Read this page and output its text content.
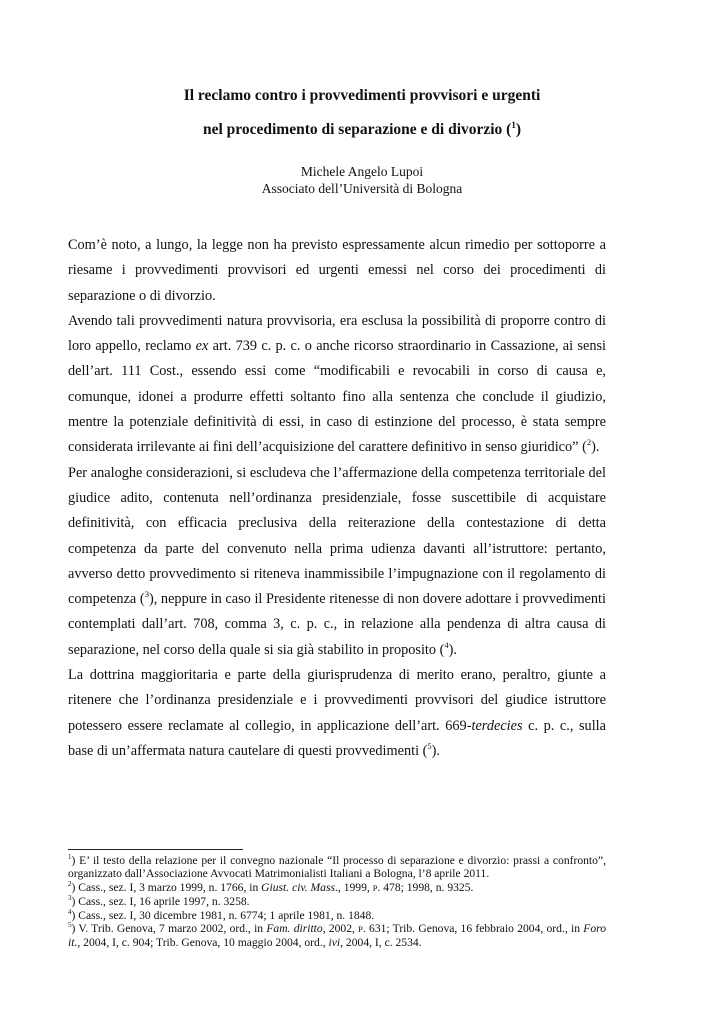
Il reclamo contro i provvedimenti provvisori e urgenti
nel procedimento di separazione e di divorzio ($^1$)
Michele Angelo Lupoi
Associato dell’Università di Bologna

Com’è noto, a lungo, la legge non ha previsto espressamente alcun rimedio per sottoporre a riesame i provvedimenti provvisori ed urgenti emessi nel corso dei procedimenti di separazione o di divorzio.

Avendo tali provvedimenti natura provvisoria, era esclusa la possibilità di proporre contro di loro appello, reclamo ex art. 739 c. p. c. o anche ricorso straordinario in Cassazione, ai sensi dell’art. 111 Cost., essendo essi come “modificabili e revocabili in corso di causa e, comunque, idonei a produrre effetti soltanto fino alla sentenza che conclude il giudizio, mentre la potenziale definitività di essi, in caso di estinzione del processo, è stata sempre considerata irrilevante ai fini dell’acquisizione del carattere definitivo in senso giuridico” ($^2$).

Per analoghe considerazioni, si escludeva che l’affermazione della competenza territoriale del giudice adito, contenuta nell’ordinanza presidenziale, fosse suscettibile di acquistare definitività, con efficacia preclusiva della reiterazione della contestazione di detta competenza da parte del convenuto nella prima udienza davanti all’istruttore: pertanto, avverso detto provvedimento si riteneva inammissibile l’impugnazione con il regolamento di competenza ($^3$), neppure in caso il Presidente ritenesse di non dovere adottare i provvedimenti contemplati dall’art. 708, comma 3, c. p. c., in relazione alla pendenza di altra causa di separazione, nel corso della quale si sia già stabilito in proposito ($^4$).

La dottrina maggioritaria e parte della giurisprudenza di merito erano, peraltro, giunte a ritenere che l’ordinanza presidenziale e i provvedimenti provvisori del giudice istruttore potessero essere reclamate al collegio, in applicazione dell’art. 669-terdecies c. p. c., sulla base di un’affermata natura cautelare di questi provvedimenti ($^5$).

$^1$) E’ il testo della relazione per il convegno nazionale “Il processo di separazione e divorzio: prassi a confronto”, organizzato dall’Associazione Avvocati Matrimonialisti Italiani a Bologna, l’8 aprile 2011.

$^2$) Cass., sez. I, 3 marzo 1999, n. 1766, in Giust. civ. Mass., 1999, P. 478; 1998, n. 9325.

$^3$) Cass., sez. I, 16 aprile 1997, n. 3258.

$^4$) Cass., sez. I, 30 dicembre 1981, n. 6774; 1 aprile 1981, n. 1848.

$^5$) V. Trib. Genova, 7 marzo 2002, ord., in Fam. diritto, 2002, P. 631; Trib. Genova, 16 febbraio 2004, ord., in Foro it., 2004, I, c. 904; Trib. Genova, 10 maggio 2004, ord., ivi, 2004, I, c. 2534.
